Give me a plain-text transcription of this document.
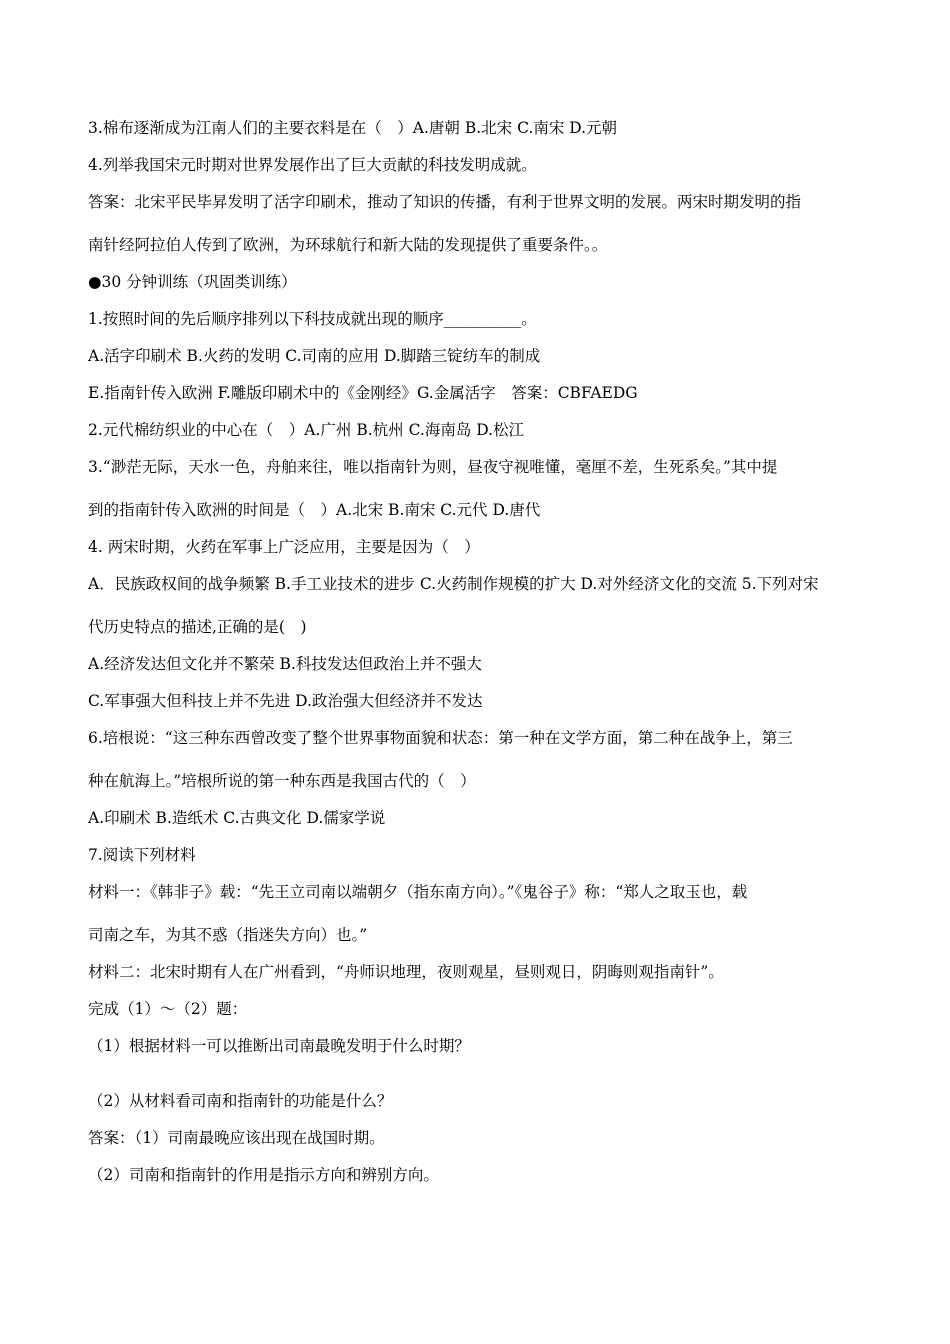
3.棉布逐渐成为江南人们的主要衣料是在（　）A.唐朝 B.北宋 C.南宋 D.元朝

4.列举我国宋元时期对世界发展作出了巨大贡献的科技发明成就。

答案：北宋平民毕昇发明了活字印刷术，推动了知识的传播，有利于世界文明的发展。两宋时期发明的指

南针经阿拉伯人传到了欧洲，为环球航行和新大陆的发现提供了重要条件。。

●30 分钟训练（巩固类训练）

1.按照时间的先后顺序排列以下科技成就出现的顺序__________。

A.活字印刷术 B.火药的发明 C.司南的应用 D.脚踏三锭纺车的制成

E.指南针传入欧洲 F.雕版印刷术中的《金刚经》G.金属活字　答案：CBFAEDG

2.元代棉纺织业的中心在（　）A.广州 B.杭州 C.海南岛 D.松江

3.“渺茫无际，天水一色，舟舶来往，唯以指南针为则，昼夜守视唯懂，毫厘不差，生死系矣。”其中提

到的指南针传入欧洲的时间是（　）A.北宋 B.南宋 C.元代 D.唐代

4. 两宋时期，火药在军事上广泛应用，主要是因为（　）

A．民族政权间的战争频繁 B.手工业技术的进步 C.火药制作规模的扩大 D.对外经济文化的交流 5.下列对宋

代历史特点的描述,正确的是(　)

A.经济发达但文化并不繁荣 B.科技发达但政治上并不强大

C.军事强大但科技上并不先进 D.政治强大但经济并不发达

6.培根说：“这三种东西曾改变了整个世界事物面貌和状态：第一种在文学方面，第二种在战争上，第三

种在航海上。”培根所说的第一种东西是我国古代的（　）

A.印刷术 B.造纸术 C.古典文化 D.儒家学说

7.阅读下列材料

材料一：《韩非子》载：“先王立司南以端朝夕（指东南方向）。”《鬼谷子》称：“郑人之取玉也，载

司南之车，为其不惑（指迷失方向）也。”

材料二：北宋时期有人在广州看到，“舟师识地理，夜则观星，昼则观日，阴晦则观指南针”。

完成（1）～（2）题：

（1）根据材料一可以推断出司南最晚发明于什么时期？

（2）从材料看司南和指南针的功能是什么？

答案：（1）司南最晚应该出现在战国时期。

（2）司南和指南针的作用是指示方向和辨别方向。
